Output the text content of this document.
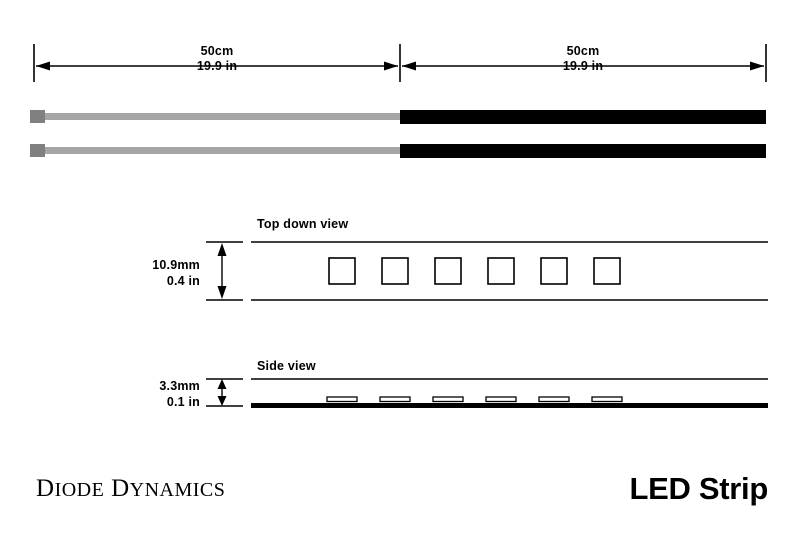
50cm
19.9 in
50cm
19.9 in
Top down view
10.9mm
0.4 in
Side view
3.3mm
0.1 in
DIODE DYNAMICS	LED Strip
